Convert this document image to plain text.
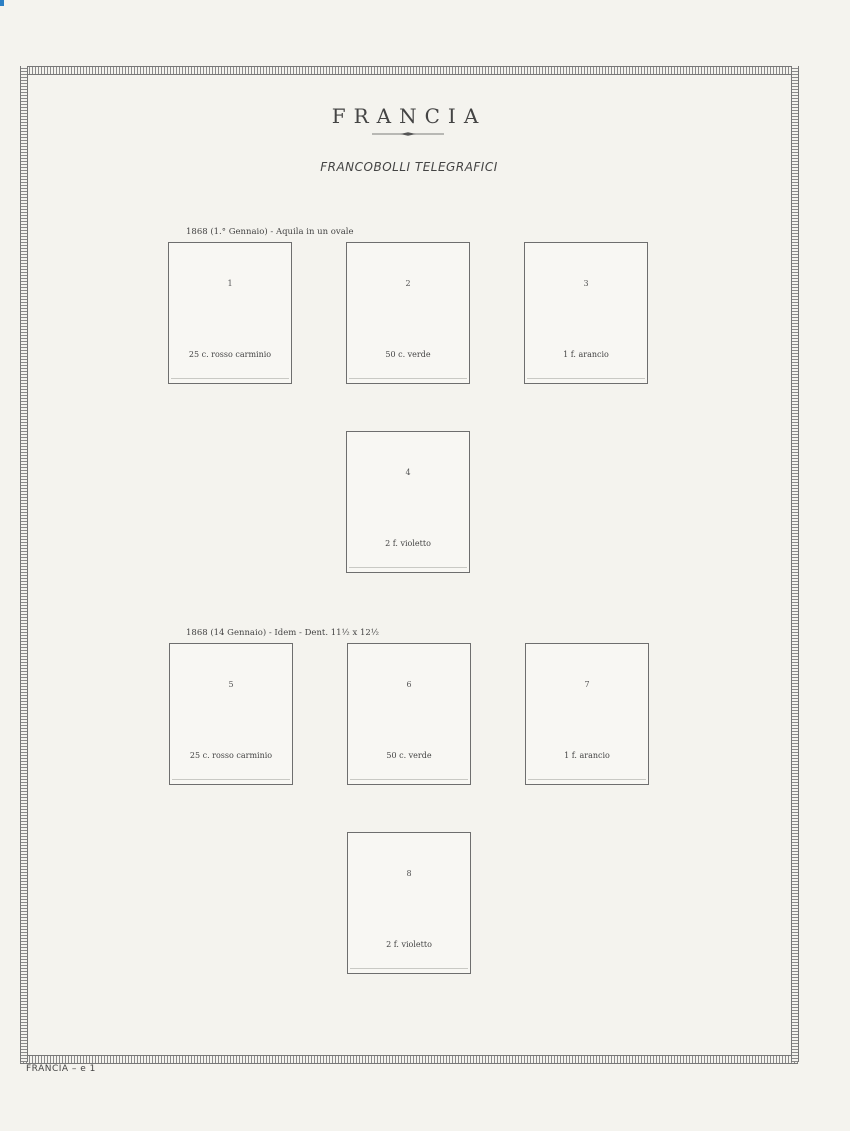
FRANCIA
FRANCOBOLLI TELEGRAFICI
1868 (1.° Gennaio) - Aquila in un ovale
1
25 c. rosso carminio
2
50 c. verde
3
1 f. arancio
4
2 f. violetto
1868 (14 Gennaio) - Idem - Dent. 11½ x 12½
5
25 c. rosso carminio
6
50 c. verde
7
1 f. arancio
8
2 f. violetto
FRANCIA – e 1
